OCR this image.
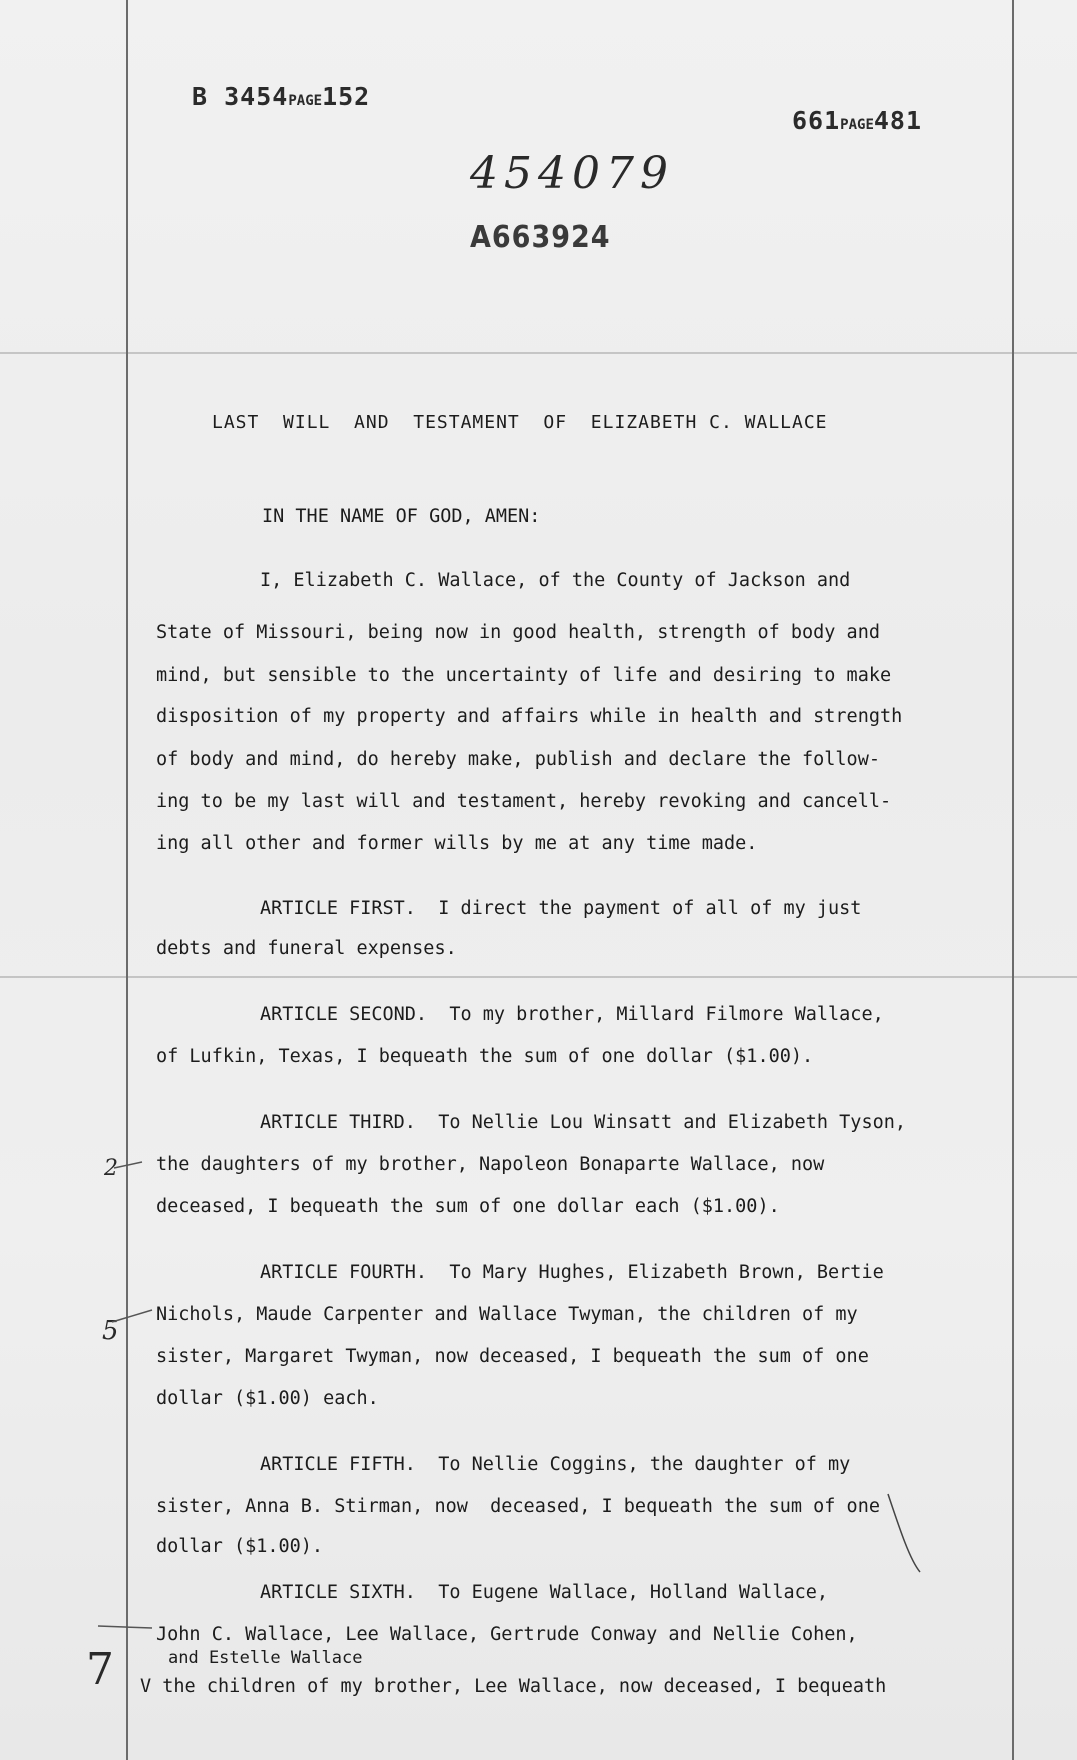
B 3454PAGE152
661PAGE481
454079
A663924
LAST  WILL  AND  TESTAMENT  OF  ELIZABETH C. WALLACE
IN THE NAME OF GOD, AMEN:
I, Elizabeth C. Wallace, of the County of Jackson and
State of Missouri, being now in good health, strength of body and
mind, but sensible to the uncertainty of life and desiring to make
disposition of my property and affairs while in health and strength
of body and mind, do hereby make, publish and declare the follow-
ing to be my last will and testament, hereby revoking and cancell-
ing all other and former wills by me at any time made.
ARTICLE FIRST.  I direct the payment of all of my just
debts and funeral expenses.
ARTICLE SECOND.  To my brother, Millard Filmore Wallace,
of Lufkin, Texas, I bequeath the sum of one dollar ($1.00).
ARTICLE THIRD.  To Nellie Lou Winsatt and Elizabeth Tyson,
the daughters of my brother, Napoleon Bonaparte Wallace, now
deceased, I bequeath the sum of one dollar each ($1.00).
ARTICLE FOURTH.  To Mary Hughes, Elizabeth Brown, Bertie
Nichols, Maude Carpenter and Wallace Twyman, the children of my
sister, Margaret Twyman, now deceased, I bequeath the sum of one
dollar ($1.00) each.
ARTICLE FIFTH.  To Nellie Coggins, the daughter of my
sister, Anna B. Stirman, now  deceased, I bequeath the sum of one
dollar ($1.00).
ARTICLE SIXTH.  To Eugene Wallace, Holland Wallace,
John C. Wallace, Lee Wallace, Gertrude Conway and Nellie Cohen,
and Estelle Wallace
V the children of my brother, Lee Wallace, now deceased, I bequeath
2
5
7
